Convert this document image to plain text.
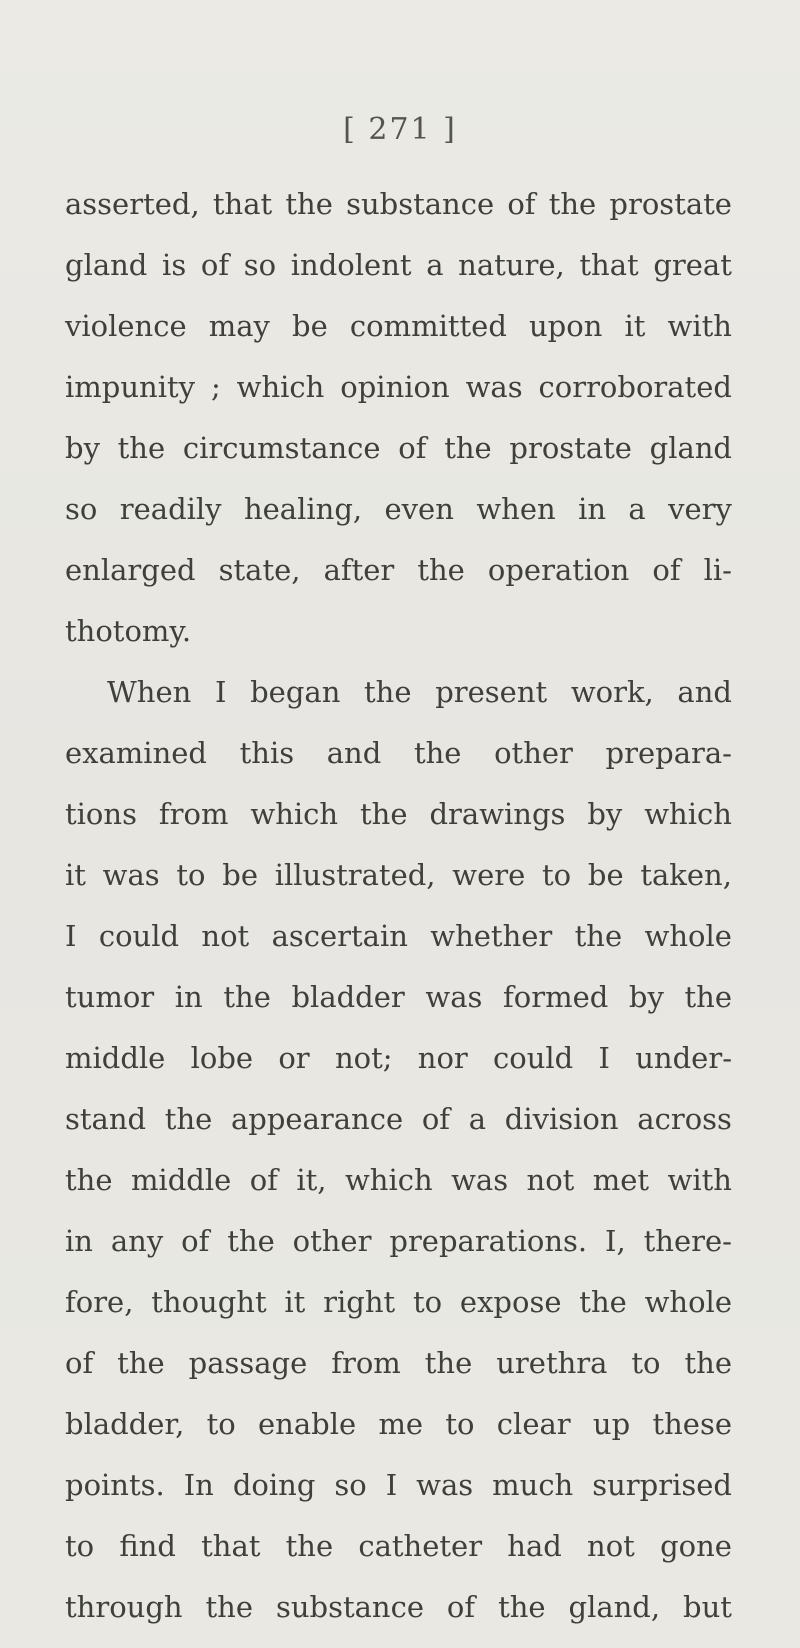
[ 271 ]
asserted, that the substance of the prostate
gland is of so indolent a nature, that great
violence may be committed upon it with
impunity ; which opinion was corroborated
by the circumstance of the prostate gland
so readily healing, even when in a very
enlarged state, after the operation of li-
thotomy.
When I began the present work, and
examined this and the other prepara-
tions from which the drawings by which
it was to be illustrated, were to be taken,
I could not ascertain whether the whole
tumor in the bladder was formed by the
middle lobe or not; nor could I under-
stand the appearance of a division across
the middle of it, which was not met with
in any of the other preparations. I, there-
fore, thought it right to expose the whole
of the passage from the urethra to the
bladder, to enable me to clear up these
points. In doing so I was much surprised
to find that the catheter had not gone
through the substance of the gland, but
